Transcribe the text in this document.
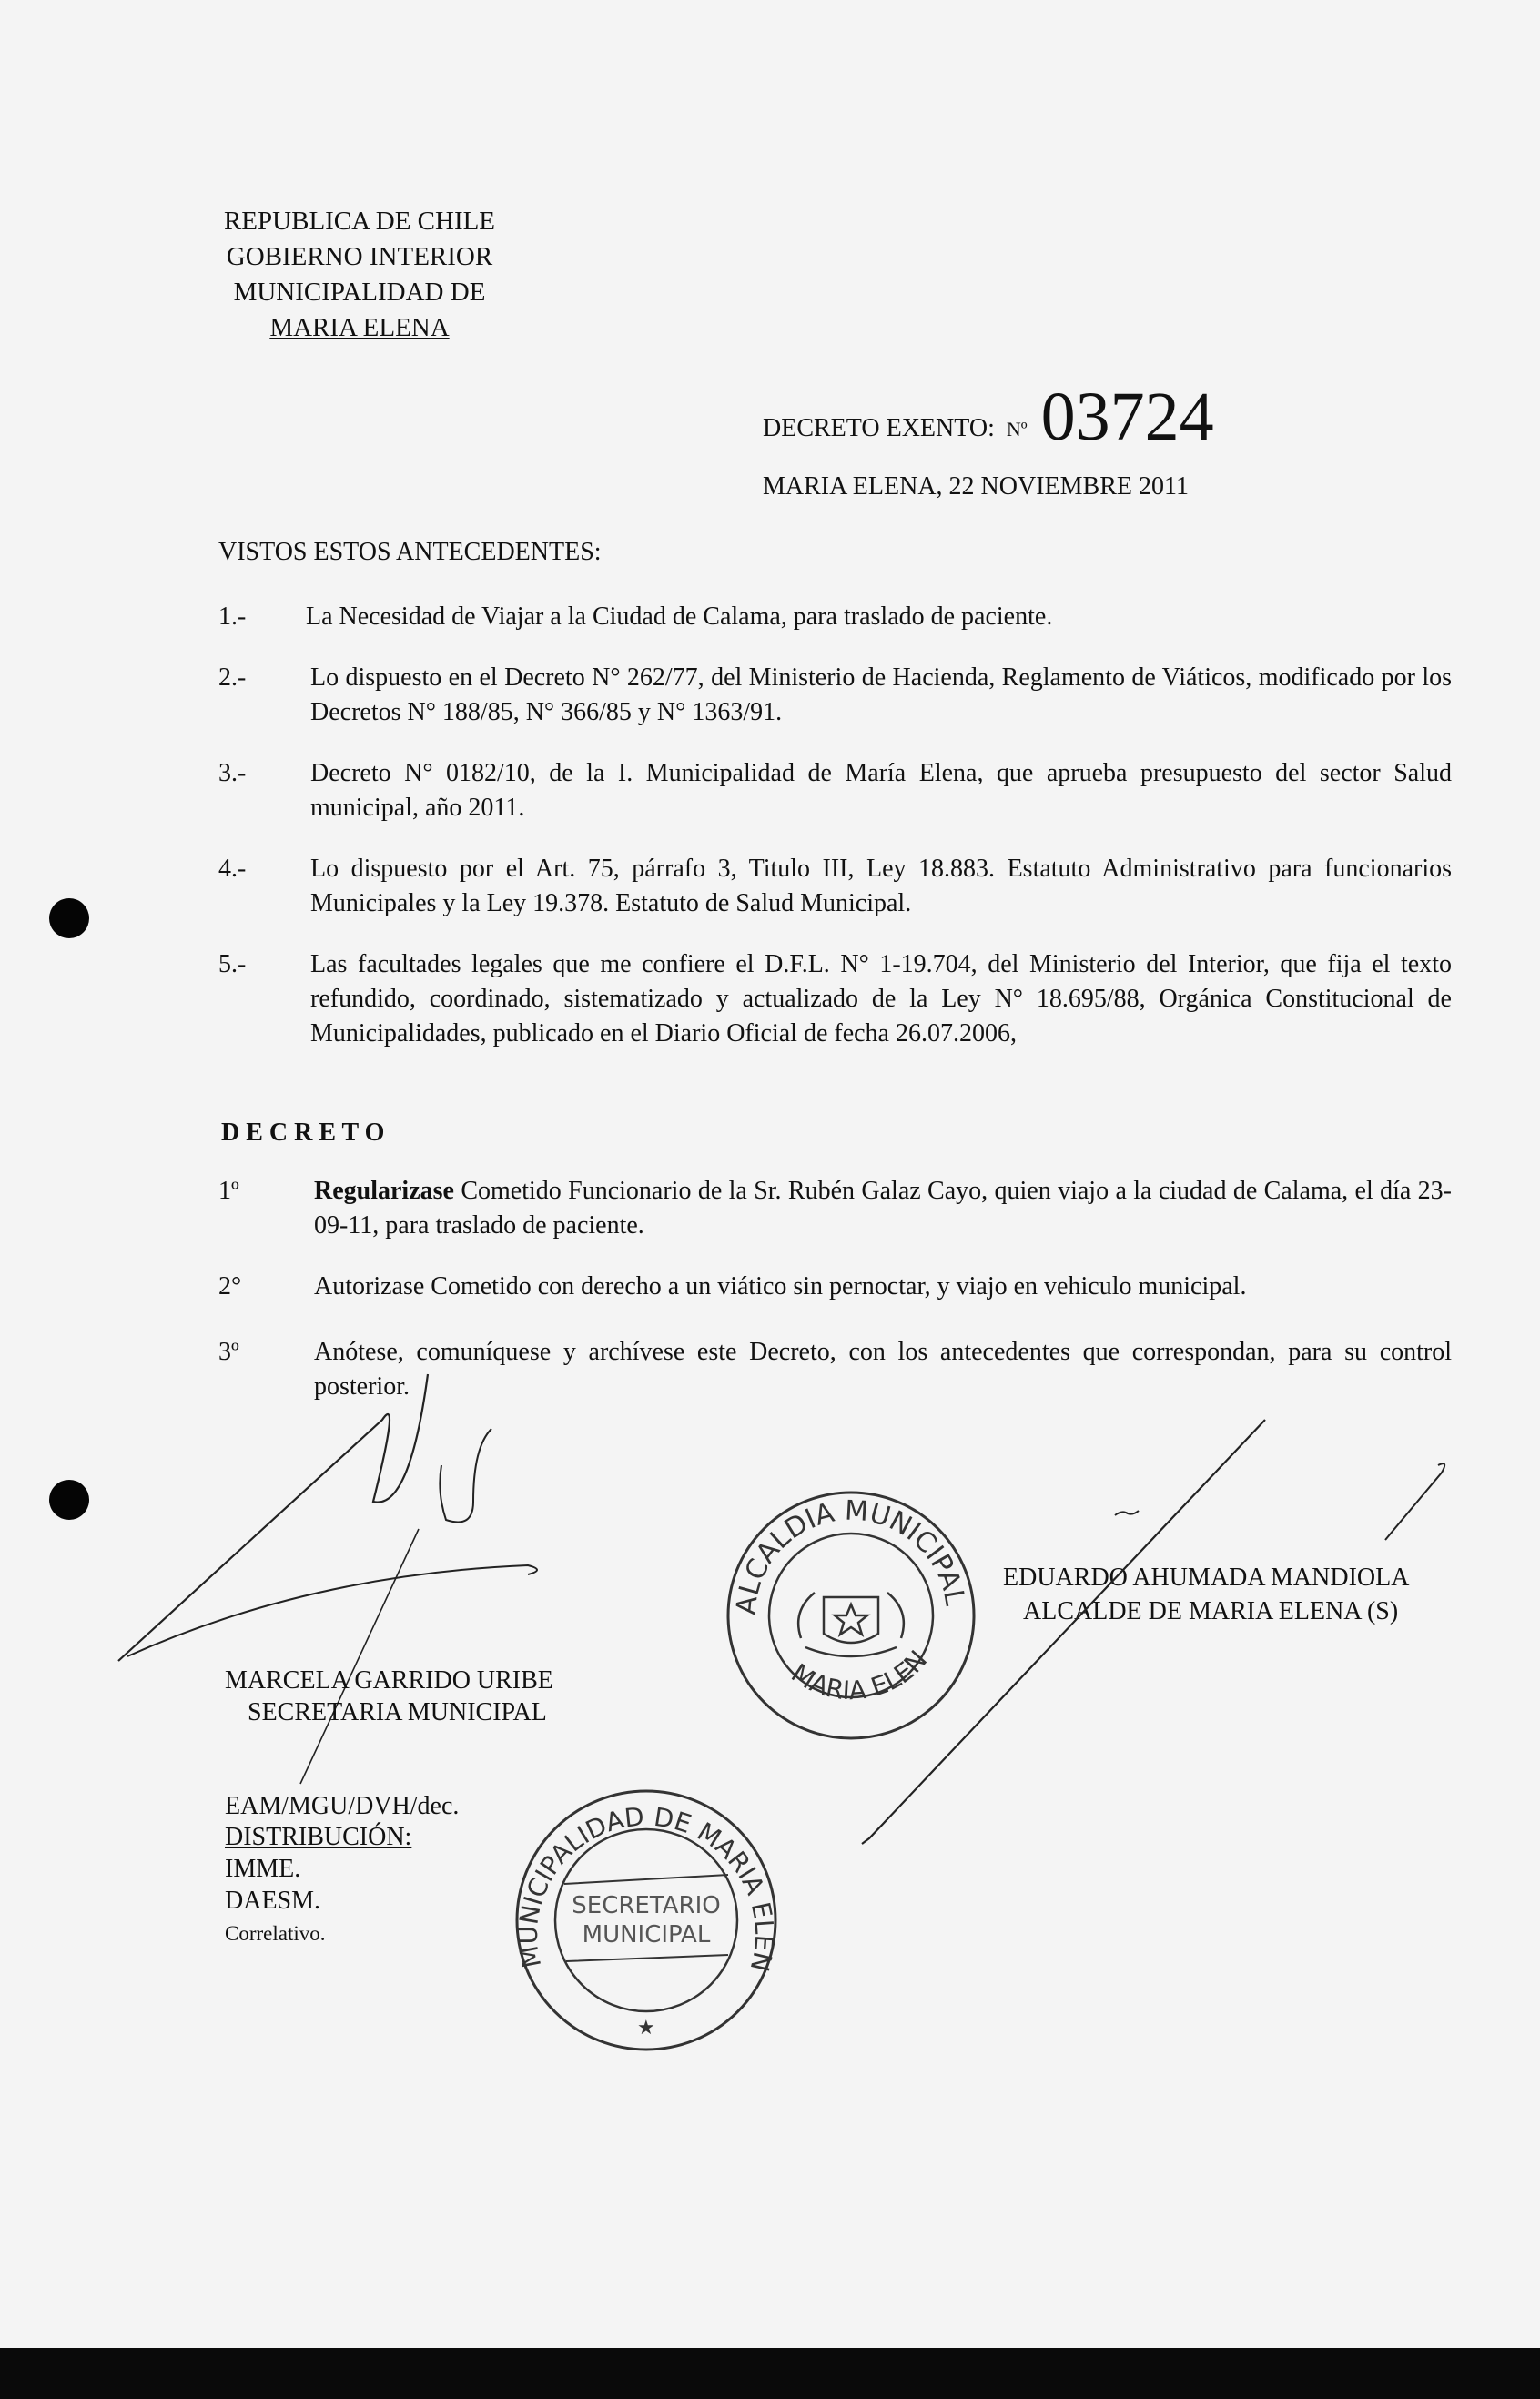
REPUBLICA DE CHILE
GOBIERNO INTERIOR
MUNICIPALIDAD DE
MARIA ELENA
DECRETO EXENTO: Nº 03724
MARIA ELENA, 22 NOVIEMBRE 2011
VISTOS ESTOS ANTECEDENTES:
1.-	La Necesidad de Viajar a la Ciudad de Calama, para traslado de paciente.
2.-	Lo dispuesto en el Decreto N° 262/77, del Ministerio de Hacienda, Reglamento de Viáticos, modificado por los Decretos N° 188/85, N° 366/85 y N° 1363/91.
3.-	Decreto N° 0182/10, de la I. Municipalidad de María Elena, que aprueba presupuesto del sector Salud municipal, año 2011.
4.-	Lo dispuesto por el Art. 75, párrafo 3, Titulo III, Ley 18.883. Estatuto Administrativo para funcionarios Municipales y la Ley 19.378. Estatuto de Salud Municipal.
5.-	Las facultades legales que me confiere el D.F.L. N° 1-19.704, del Ministerio del Interior, que fija el texto refundido, coordinado, sistematizado y actualizado de la Ley N° 18.695/88, Orgánica Constitucional de Municipalidades, publicado en el Diario Oficial de fecha 26.07.2006,
D E C R E T O
1º	Regularizase Cometido Funcionario de la Sr. Rubén Galaz Cayo, quien viajo a la ciudad de Calama, el día 23-09-11, para traslado de paciente.
2°	Autorizase Cometido con derecho a un viático sin pernoctar, y viajo en vehiculo municipal.
3º	Anótese, comuníquese y archívese este Decreto, con los antecedentes que correspondan, para su control posterior.
ALCALDIA MUNICIPAL
MARIA ELENA
EDUARDO AHUMADA MANDIOLA
ALCALDE DE MARIA ELENA (S)
MUNICIPALIDAD DE MARIA ELENA
SECRETARIO MUNICIPAL
★
MARCELA GARRIDO URIBE
SECRETARIA MUNICIPAL
EAM/MGU/DVH/dec.
DISTRIBUCIÓN:
IMME.
DAESM.
Correlativo.
